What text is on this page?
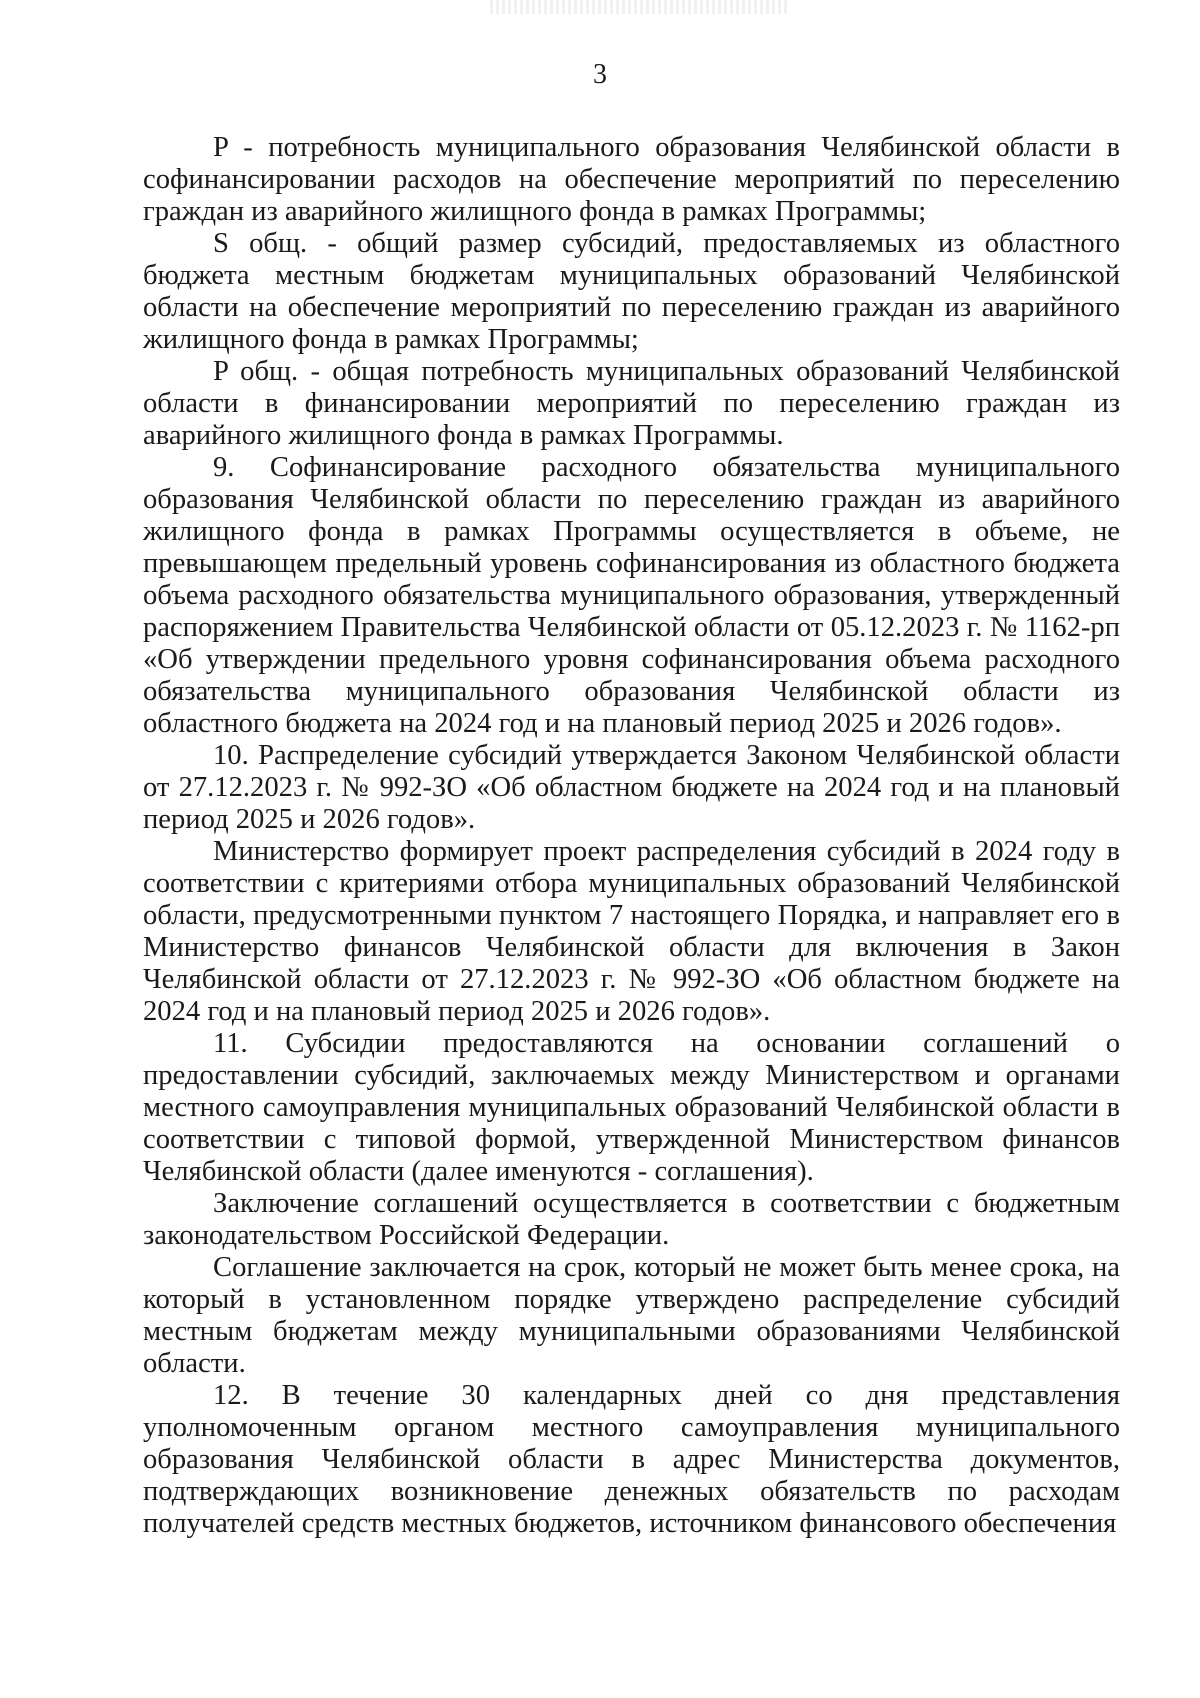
3

P - потребность муниципального образования Челябинской области в софинансировании расходов на обеспечение мероприятий по переселению граждан из аварийного жилищного фонда в рамках Программы;

S общ. - общий размер субсидий, предоставляемых из областного бюджета местным бюджетам муниципальных образований Челябинской области на обеспечение мероприятий по переселению граждан из аварийного жилищного фонда в рамках Программы;

P общ. - общая потребность муниципальных образований Челябинской области в финансировании мероприятий по переселению граждан из аварийного жилищного фонда в рамках Программы.

9. Софинансирование расходного обязательства муниципального образования Челябинской области по переселению граждан из аварийного жилищного фонда в рамках Программы осуществляется в объеме, не превышающем предельный уровень софинансирования из областного бюджета объема расходного обязательства муниципального образования, утвержденный распоряжением Правительства Челябинской области от 05.12.2023 г. № 1162-рп «Об утверждении предельного уровня софинансирования объема расходного обязательства муниципального образования Челябинской области из областного бюджета на 2024 год и на плановый период 2025 и 2026 годов».

10. Распределение субсидий утверждается Законом Челябинской области от 27.12.2023 г. № 992-ЗО «Об областном бюджете на 2024 год и на плановый период 2025 и 2026 годов».

Министерство формирует проект распределения субсидий в 2024 году в соответствии с критериями отбора муниципальных образований Челябинской области, предусмотренными пунктом 7 настоящего Порядка, и направляет его в Министерство финансов Челябинской области для включения в Закон Челябинской области от 27.12.2023 г. № 992-ЗО «Об областном бюджете на 2024 год и на плановый период 2025 и 2026 годов».

11. Субсидии предоставляются на основании соглашений о предоставлении субсидий, заключаемых между Министерством и органами местного самоуправления муниципальных образований Челябинской области в соответствии с типовой формой, утвержденной Министерством финансов Челябинской области (далее именуются - соглашения).

Заключение соглашений осуществляется в соответствии с бюджетным законодательством Российской Федерации.

Соглашение заключается на срок, который не может быть менее срока, на который в установленном порядке утверждено распределение субсидий местным бюджетам между муниципальными образованиями Челябинской области.

12. В течение 30 календарных дней со дня представления уполномоченным органом местного самоуправления муниципального образования Челябинской области в адрес Министерства документов, подтверждающих возникновение денежных обязательств по расходам получателей средств местных бюджетов, источником финансового обеспечения
